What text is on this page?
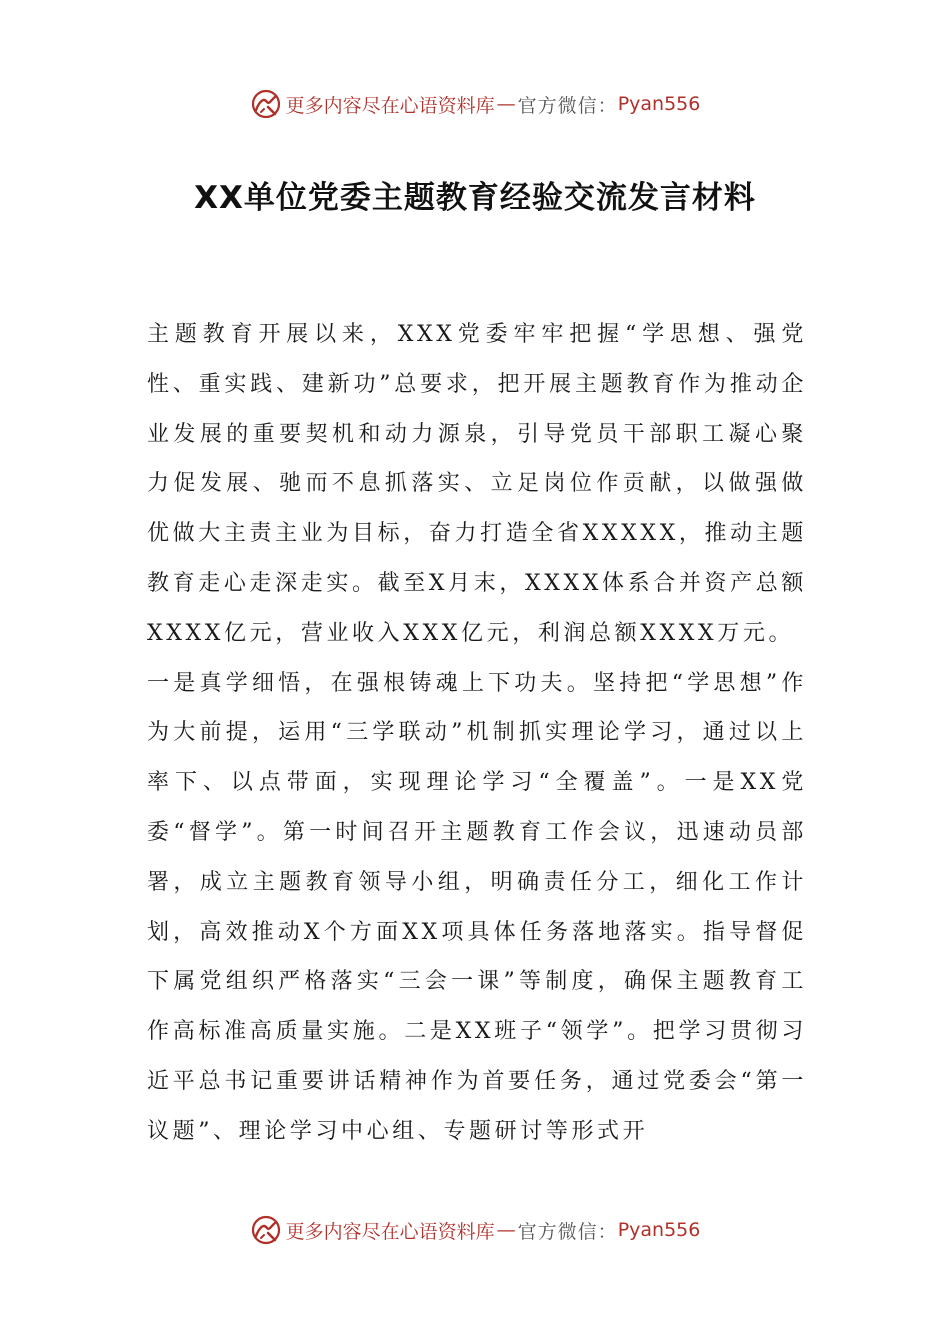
更多内容尽在心语资料库 — 官方微信： Pyan556
XX单位党委主题教育经验交流发言材料

主题教育开展以来，XXX党委牢牢把握“学思想、强党性、重实践、建新功”总要求，把开展主题教育作为推动企业发展的重要契机和动力源泉，引导党员干部职工凝心聚力促发展、驰而不息抓落实、立足岗位作贡献，以做强做优做大主责主业为目标，奋力打造全省XXXXX，推动主题教育走心走深走实。截至X月末，XXXX体系合并资产总额XXXX亿元，营业收入XXX亿元，利润总额XXXX万元。

一是真学细悟，在强根铸魂上下功夫。坚持把“学思想”作为大前提，运用“三学联动”机制抓实理论学习，通过以上率下、以点带面，实现理论学习“全覆盖”。一是XX党委“督学”。第一时间召开主题教育工作会议，迅速动员部署，成立主题教育领导小组，明确责任分工，细化工作计划，高效推动X个方面XX项具体任务落地落实。指导督促下属党组织严格落实“三会一课”等制度，确保主题教育工作高标准高质量实施。二是XX班子“领学”。把学习贯彻习近平总书记重要讲话精神作为首要任务，通过党委会“第一议题”、理论学习中心组、专题研讨等形式开

更多内容尽在心语资料库 — 官方微信： Pyan556
